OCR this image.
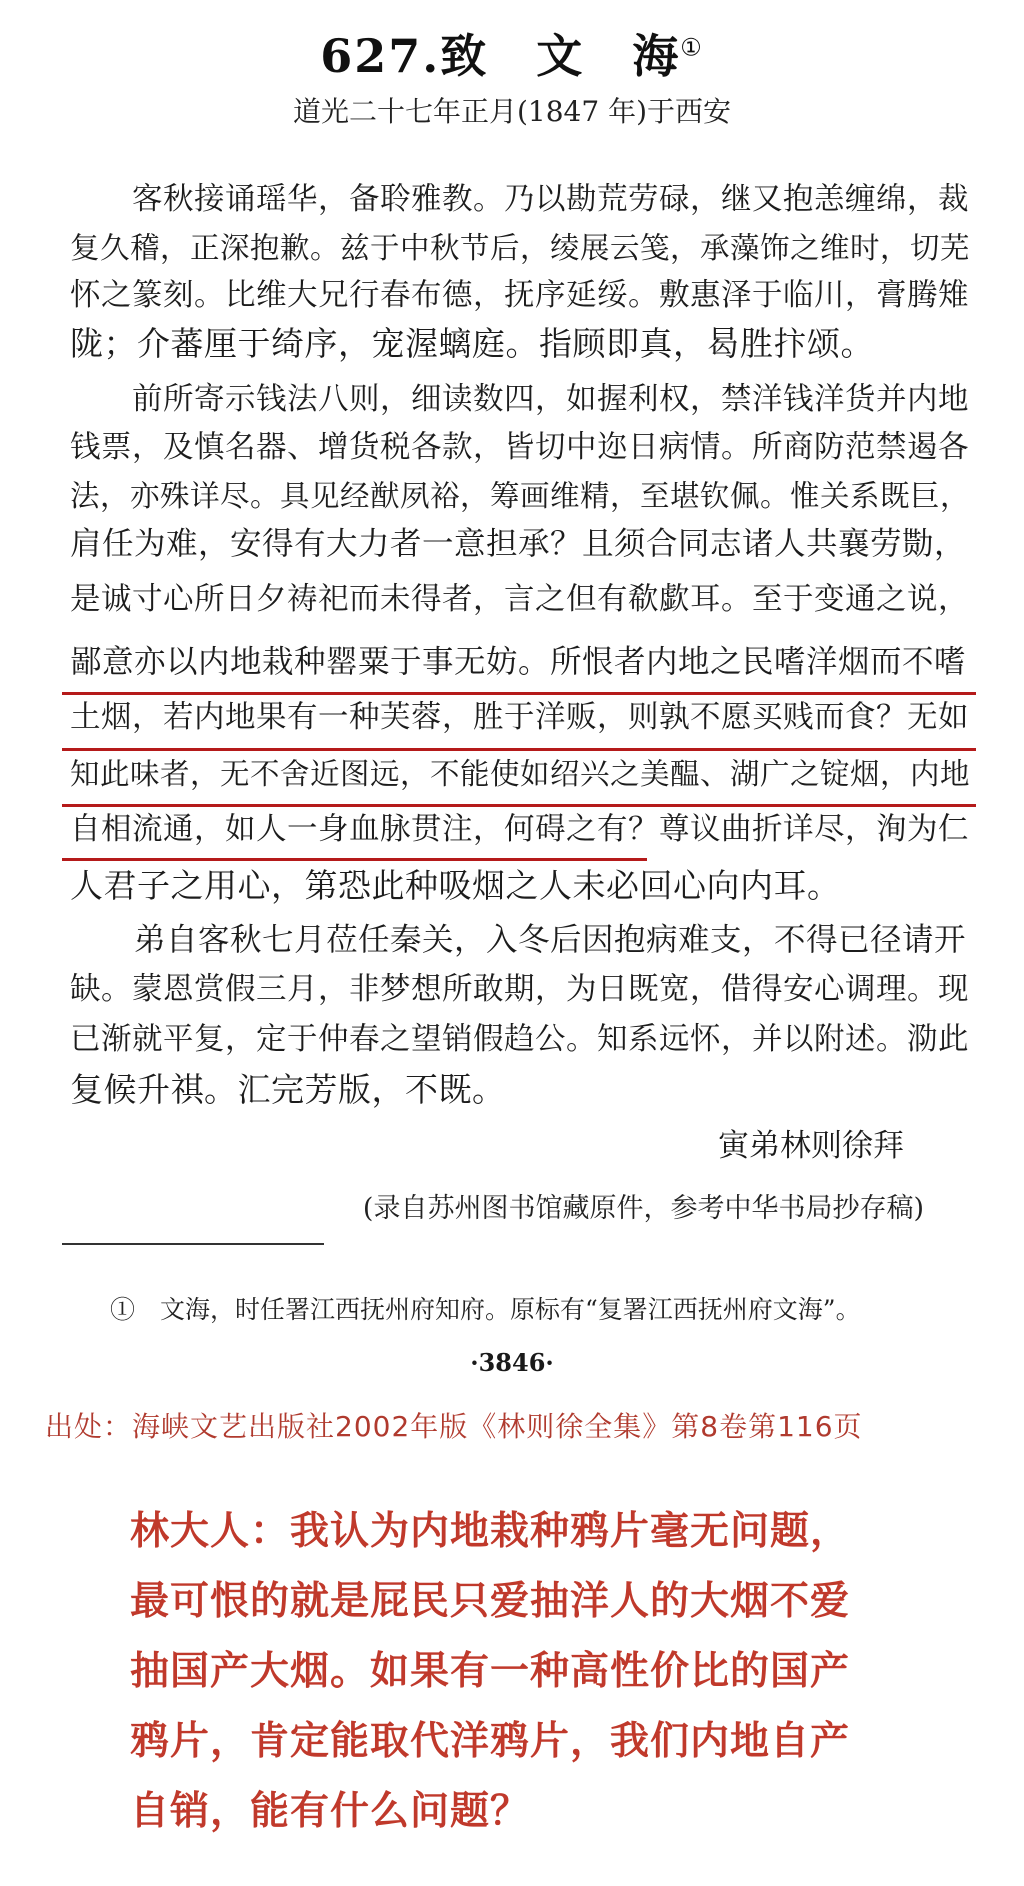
627.致　文　海①
道光二十七年正月(1847 年)于西安
　　客秋接诵瑶华，备聆雅教。乃以勘荒劳碌，继又抱恙缠绵，裁
复久稽，正深抱歉。兹于中秋节后，绫展云笺，承藻饰之维时，切芜
怀之篆刻。比维大兄行春布德，抚序延绥。敷惠泽于临川，膏腾雉
陇；介蕃厘于绮序，宠渥螭庭。指顾即真，曷胜抃颂。
　　前所寄示钱法八则，细读数四，如握利权，禁洋钱洋货并内地
钱票，及慎名器、增货税各款，皆切中迩日病情。所商防范禁遏各
法，亦殊详尽。具见经猷夙裕，筹画维精，至堪钦佩。惟关系既巨，
肩任为难，安得有大力者一意担承？且须合同志诸人共襄劳勚，
是诚寸心所日夕祷祀而未得者，言之但有欷歔耳。至于变通之说，
鄙意亦以内地栽种罂粟于事无妨。所恨者内地之民嗜洋烟而不嗜
土烟，若内地果有一种芙蓉，胜于洋贩，则孰不愿买贱而食？无如
知此味者，无不舍近图远，不能使如绍兴之美醖、湖广之锭烟，内地
自相流通，如人一身血脉贯注，何碍之有？尊议曲折详尽，洵为仁
人君子之用心，第恐此种吸烟之人未必回心向内耳。
　　弟自客秋七月莅任秦关，入冬后因抱病难支，不得已径请开
缺。蒙恩赏假三月，非梦想所敢期，为日既宽，借得安心调理。现
已渐就平复，定于仲春之望销假趋公。知系远怀，并以附述。泐此
复候升祺。汇完芳版，不既。
寅弟林则徐拜
(录自苏州图书馆藏原件，参考中华书局抄存稿)
①　文海，时任署江西抚州府知府。原标有“复署江西抚州府文海”。
·3846·
出处：海峡文艺出版社2002年版《林则徐全集》第8卷第116页
林大人：我认为内地栽种鸦片毫无问题，
最可恨的就是屁民只爱抽洋人的大烟不爱
抽国产大烟。如果有一种高性价比的国产
鸦片，肯定能取代洋鸦片，我们内地自产
自销，能有什么问题？
